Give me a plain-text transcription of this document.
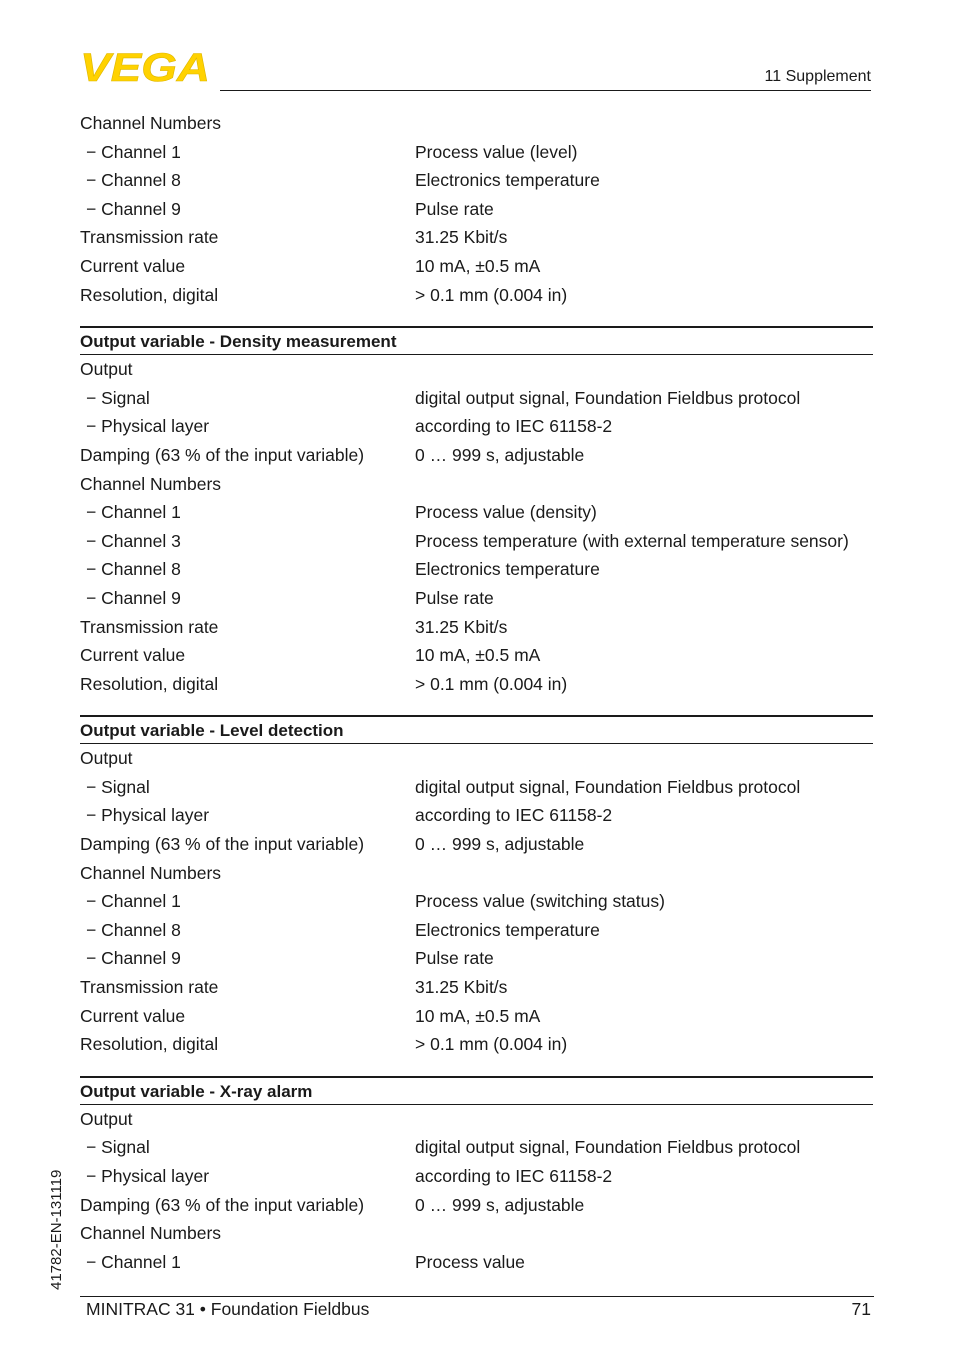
VEGA	11 Supplement
Channel Numbers
− Channel 1	Process value (level)
− Channel 8	Electronics temperature
− Channel 9	Pulse rate
Transmission rate	31.25 Kbit/s
Current value	10 mA, ±0.5 mA
Resolution, digital	> 0.1 mm (0.004 in)
Output variable - Density measurement
Output
− Signal	digital output signal, Foundation Fieldbus protocol
− Physical layer	according to IEC 61158-2
Damping (63 % of the input variable)	0 … 999 s, adjustable
Channel Numbers
− Channel 1	Process value (density)
− Channel 3	Process temperature (with external temperature sensor)
− Channel 8	Electronics temperature
− Channel 9	Pulse rate
Transmission rate	31.25 Kbit/s
Current value	10 mA, ±0.5 mA
Resolution, digital	> 0.1 mm (0.004 in)
Output variable - Level detection
Output
− Signal	digital output signal, Foundation Fieldbus protocol
− Physical layer	according to IEC 61158-2
Damping (63 % of the input variable)	0 … 999 s, adjustable
Channel Numbers
− Channel 1	Process value (switching status)
− Channel 8	Electronics temperature
− Channel 9	Pulse rate
Transmission rate	31.25 Kbit/s
Current value	10 mA, ±0.5 mA
Resolution, digital	> 0.1 mm (0.004 in)
Output variable - X-ray alarm
Output
− Signal	digital output signal, Foundation Fieldbus protocol
− Physical layer	according to IEC 61158-2
Damping (63 % of the input variable)	0 … 999 s, adjustable
Channel Numbers
− Channel 1	Process value
41782-EN-131119
MINITRAC 31 • Foundation Fieldbus	71
